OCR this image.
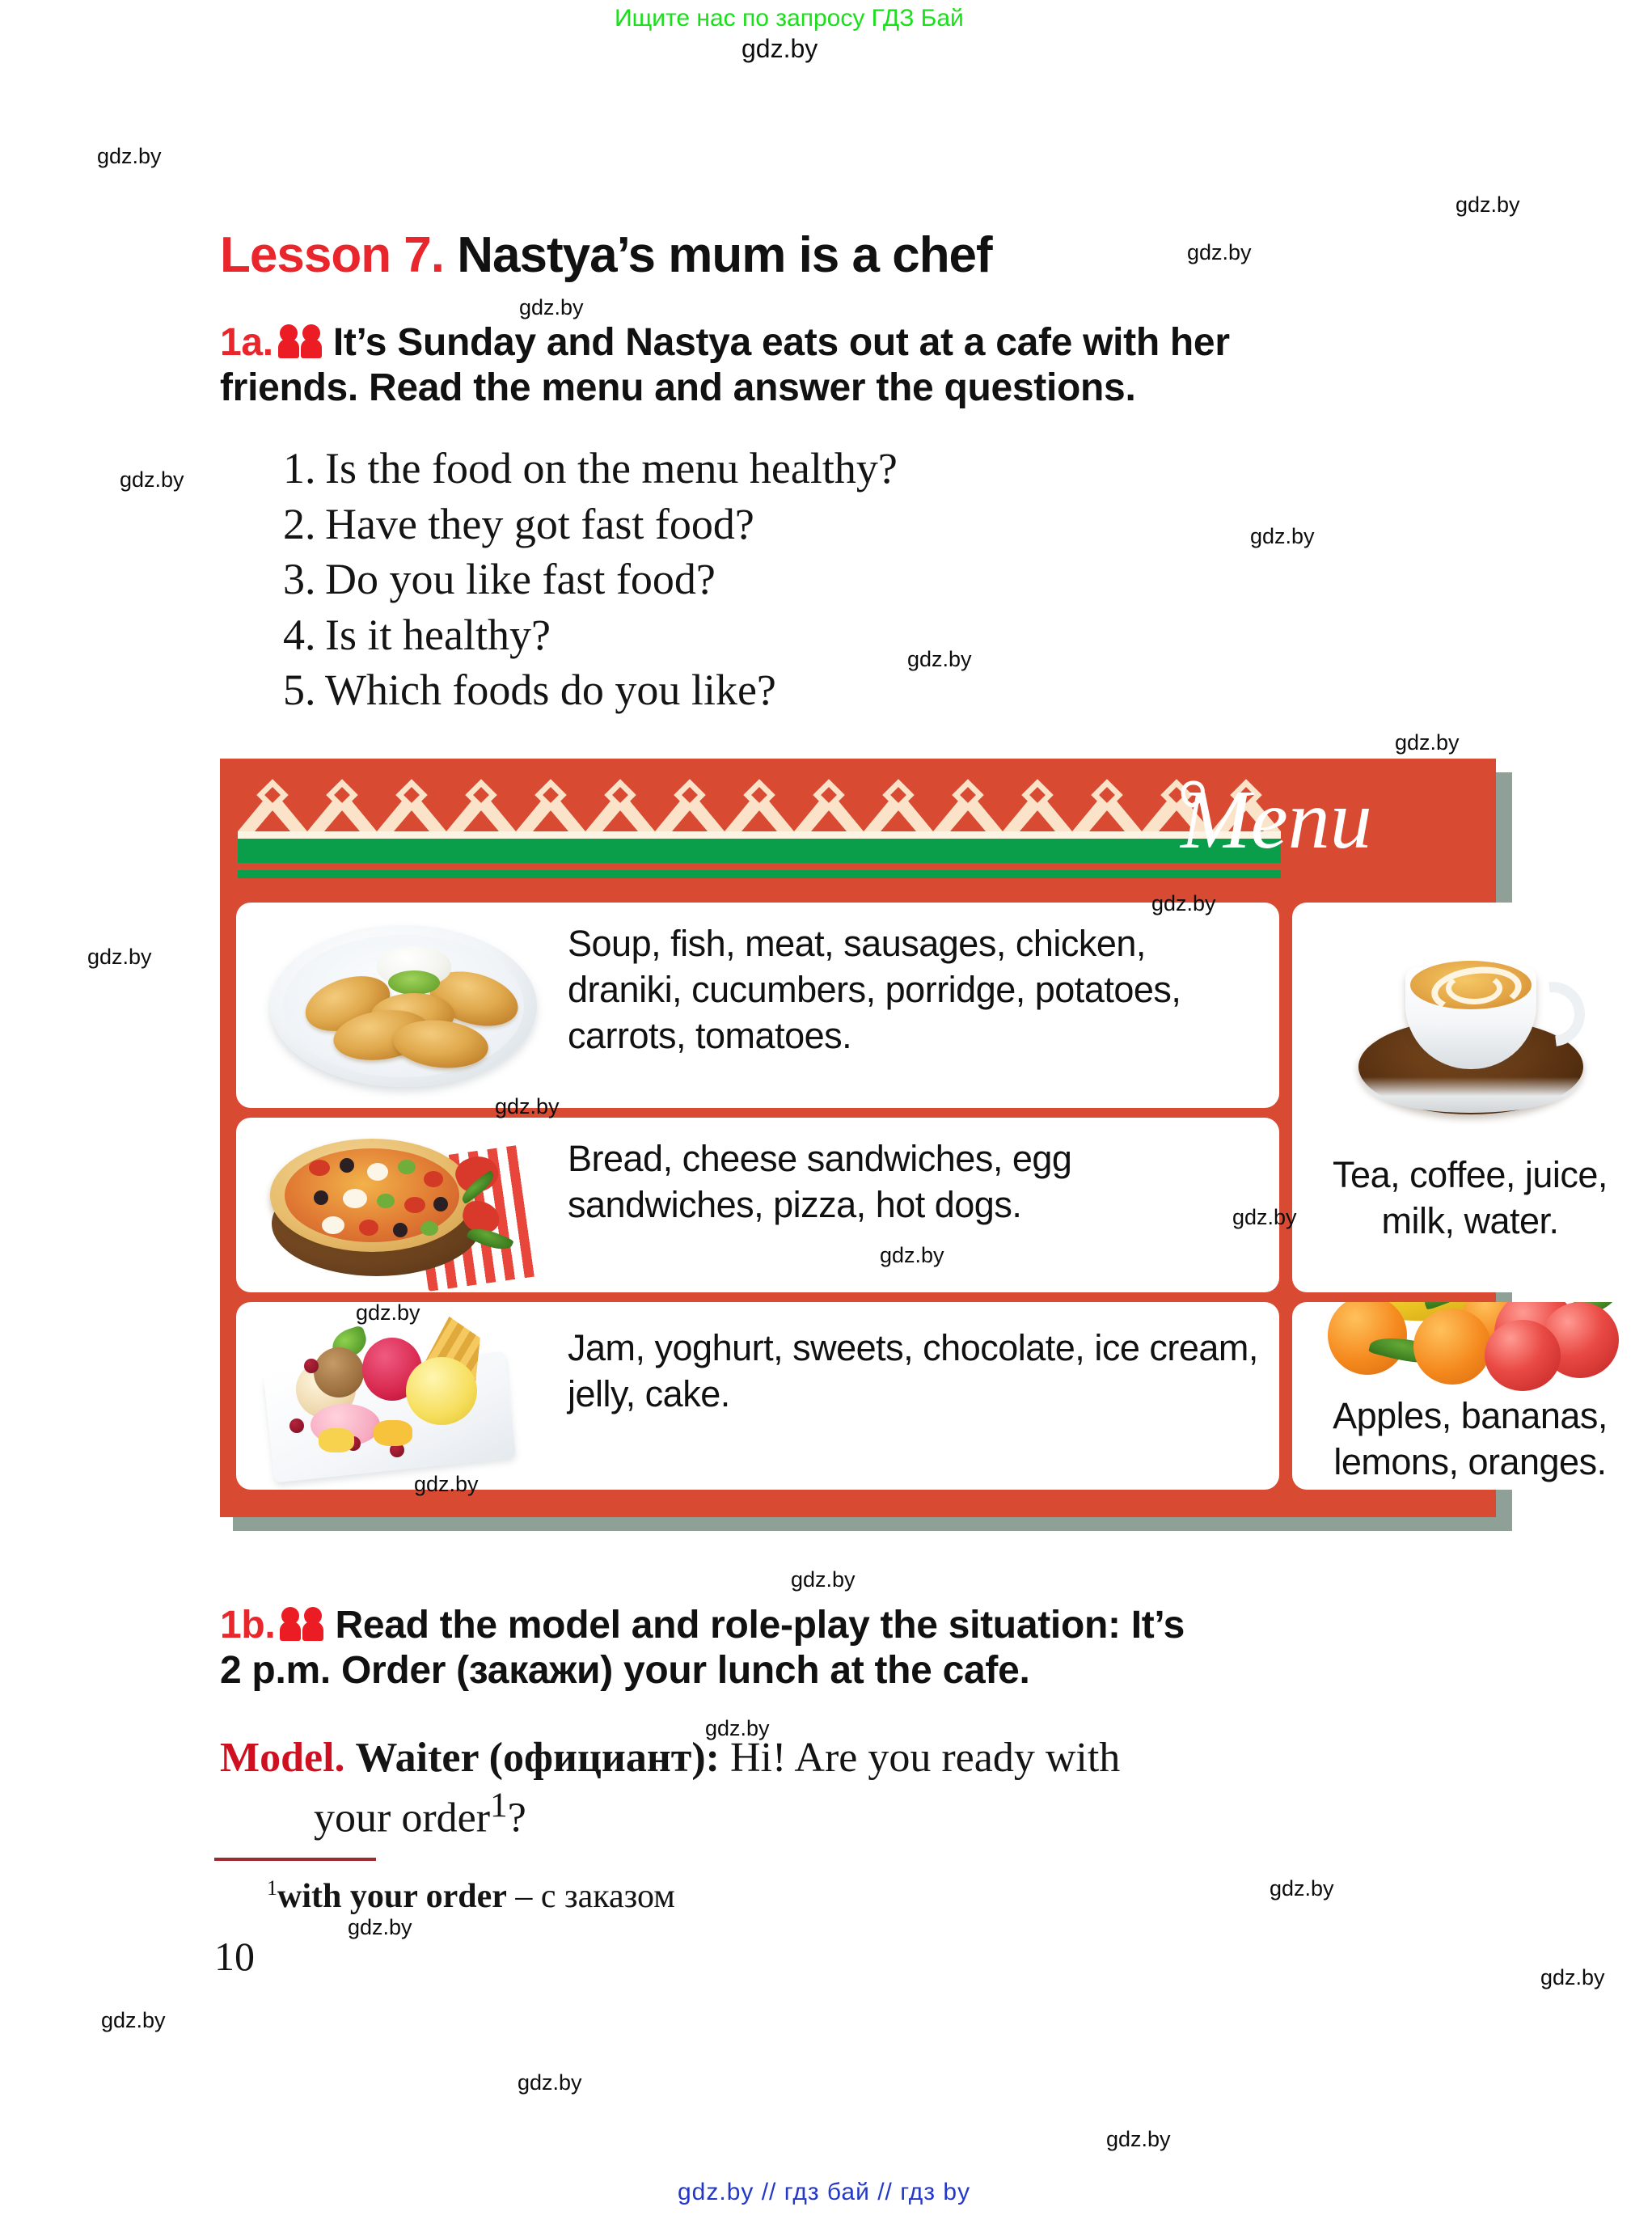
Ищите нас по запросу ГДЗ Бай
gdz.by
gdz.by
gdz.by
gdz.by
gdz.by
gdz.by
gdz.by
gdz.by
gdz.by
gdz.by
gdz.by
gdz.by
gdz.by
gdz.by
gdz.by
gdz.by
gdz.by
gdz.by
gdz.by
gdz.by
gdz.by
gdz.by
gdz.by
gdz.by
Lesson 7. Nastya’s mum is a chef
1a. It’s Sunday and Nastya eats out at a cafe with her
friends. Read the menu and answer the questions.
1. Is the food on the menu healthy?
2. Have they got fast food?
3. Do you like fast food?
4. Is it healthy?
5. Which foods do you like?
Menu
Soup, fish, meat, sausages, chicken, draniki, cucumbers, porridge, potatoes, carrots, tomatoes.
Bread, cheese sandwiches, egg sandwiches, pizza, hot dogs.
Jam, yoghurt, sweets, chocolate, ice cream, jelly, cake.
Tea, coffee, juice, milk, water.
Apples, bananas, lemons, oranges.
1b. Read the model and role-play the situation: It’s
2 p.m. Order (закажи) your lunch at the cafe.
Model. Waiter (официант): Hi! Are you ready with
your order$^1$?
$^1$with your order – с заказом
10
gdz.by // гдз бай // гдз by
